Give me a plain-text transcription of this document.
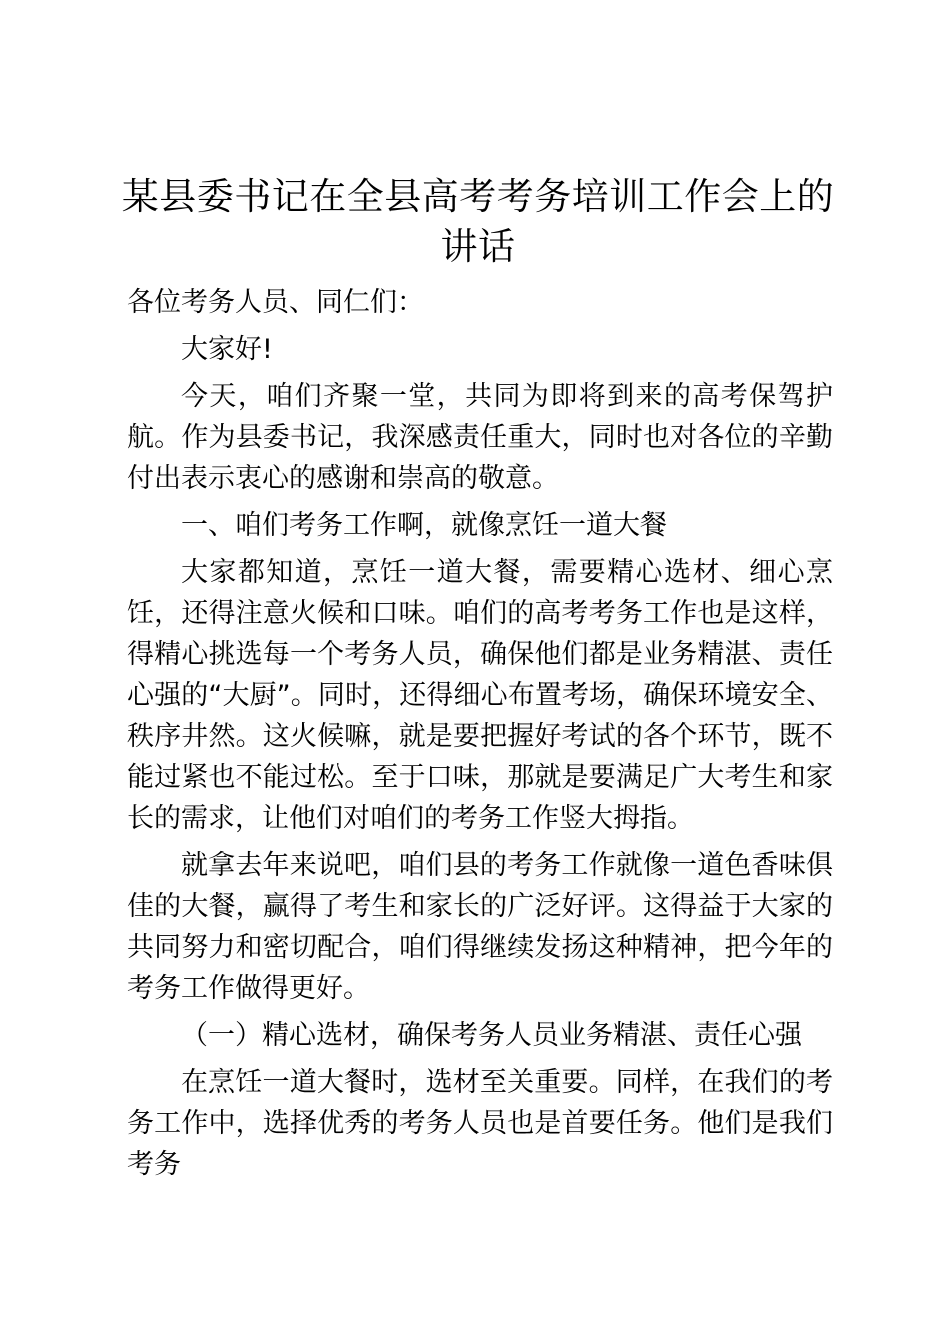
某县委书记在全县高考考务培训工作会上的讲话

各位考务人员、同仁们：

大家好!

今天，咱们齐聚一堂，共同为即将到来的高考保驾护航。作为县委书记，我深感责任重大，同时也对各位的辛勤付出表示衷心的感谢和崇高的敬意。

一、咱们考务工作啊，就像烹饪一道大餐

大家都知道，烹饪一道大餐，需要精心选材、细心烹饪，还得注意火候和口味。咱们的高考考务工作也是这样，得精心挑选每一个考务人员，确保他们都是业务精湛、责任心强的“大厨”。同时，还得细心布置考场，确保环境安全、秩序井然。这火候嘛，就是要把握好考试的各个环节，既不能过紧也不能过松。至于口味，那就是要满足广大考生和家长的需求，让他们对咱们的考务工作竖大拇指。

就拿去年来说吧，咱们县的考务工作就像一道色香味俱佳的大餐，赢得了考生和家长的广泛好评。这得益于大家的共同努力和密切配合，咱们得继续发扬这种精神，把今年的考务工作做得更好。

（一）精心选材，确保考务人员业务精湛、责任心强

在烹饪一道大餐时，选材至关重要。同样，在我们的考务工作中，选择优秀的考务人员也是首要任务。他们是我们考务
